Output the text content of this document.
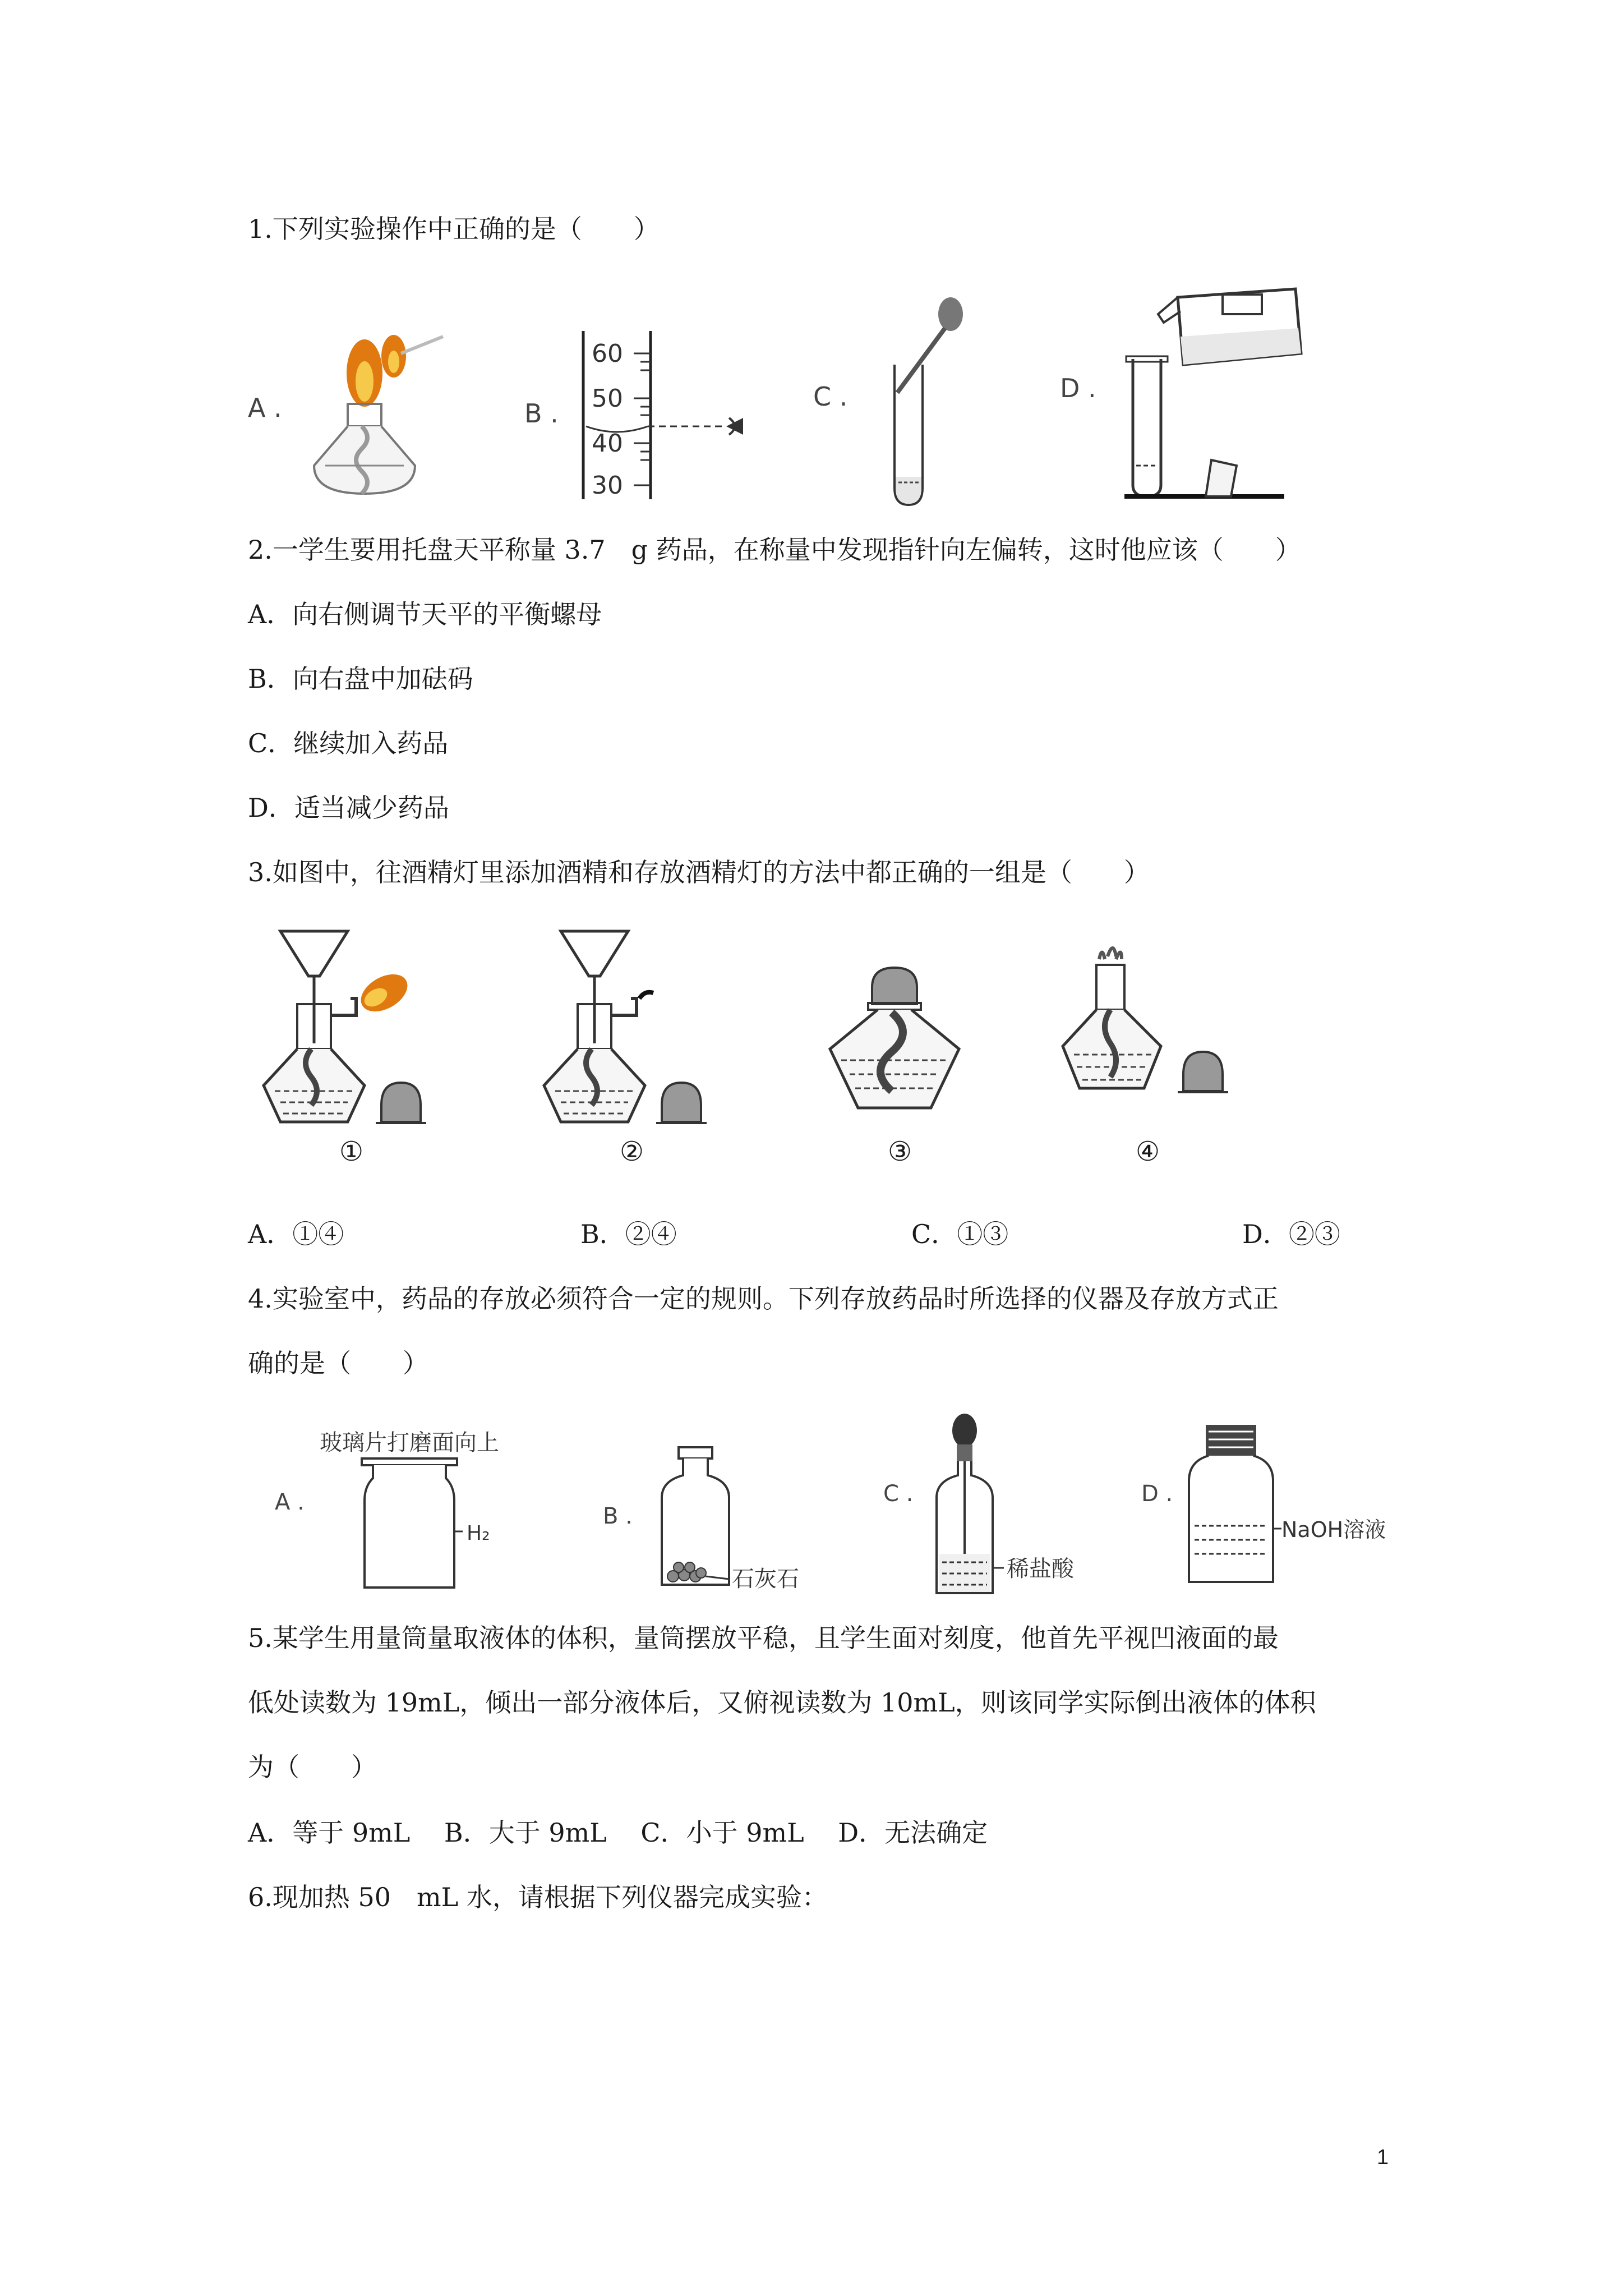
1.下列实验操作中正确的是（　　）
A .	B .
60
50
40
30
C .	D .
2.一学生要用托盘天平称量 3.7　g 药品，在称量中发现指针向左偏转，这时他应该（　　）
A．向右侧调节天平的平衡螺母
B．向右盘中加砝码
C．继续加入药品
D．适当减少药品
3.如图中，往酒精灯里添加酒精和存放酒精灯的方法中都正确的一组是（　　）
①	②	③	④
A．①④	B．②④	C．①③	D．②③
4.实验室中，药品的存放必须符合一定的规则。下列存放药品时所选择的仪器及存放方式正
确的是（　　）
A .
玻璃片打磨面向上
H₂
B .
石灰石
C .
稀盐酸
D .
NaOH溶液
5.某学生用量筒量取液体的体积，量筒摆放平稳，且学生面对刻度，他首先平视凹液面的最
低处读数为 19mL，倾出一部分液体后，又俯视读数为 10mL，则该同学实际倒出液体的体积
为（　　）
A．等于 9mL　 B．大于 9mL　 C．小于 9mL　 D．无法确定
6.现加热 50　mL 水，请根据下列仪器完成实验：
1
